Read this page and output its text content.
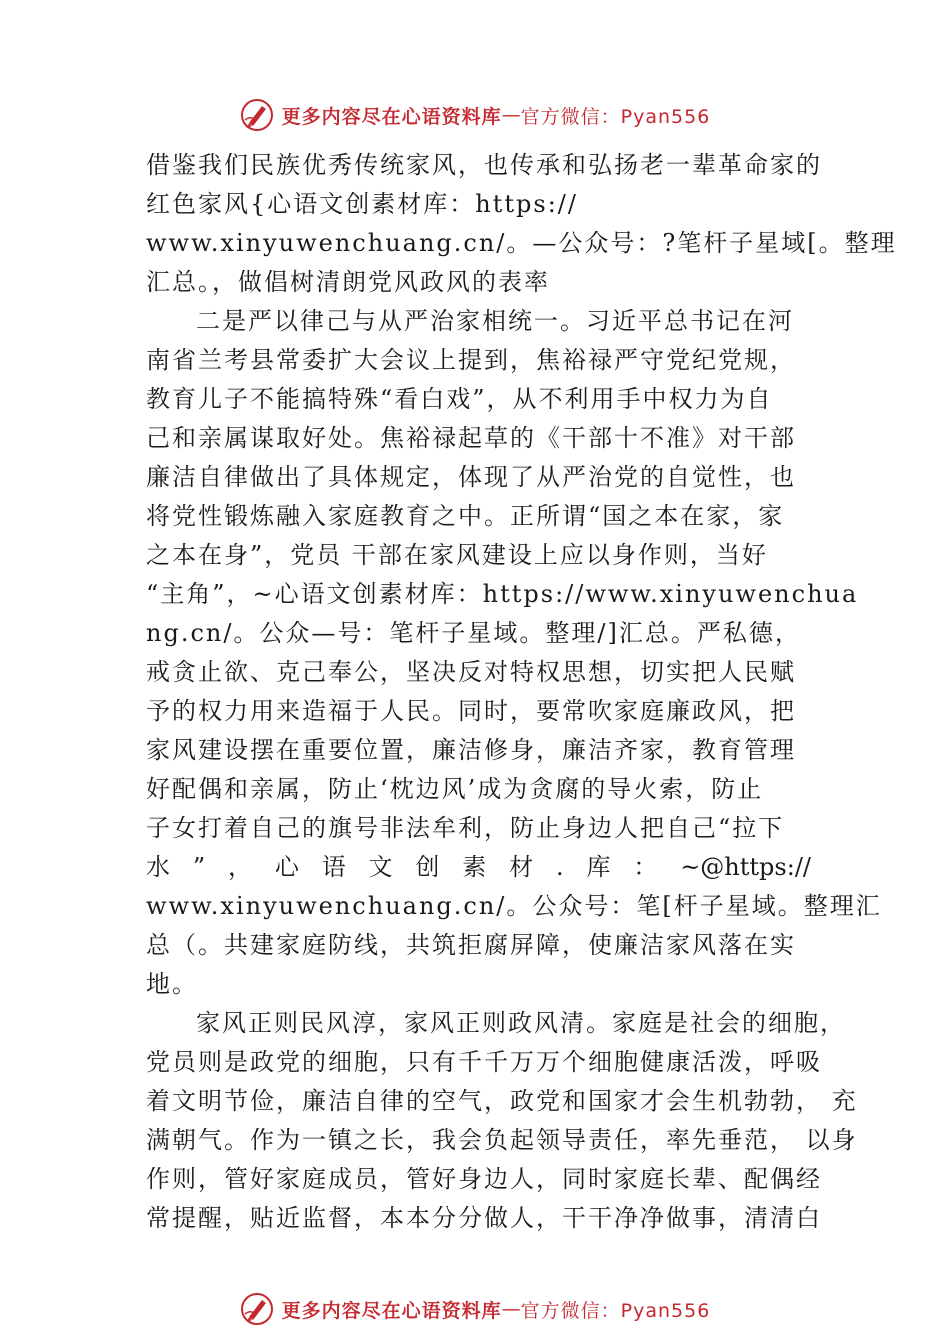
更多内容尽在心语资料库 — 官方微信：Pyan556
借鉴我们民族优秀传统家风，也传承和弘扬老一辈革命家的
红色家风{心语文创素材库：https://
www.xinyuwenchuang.cn/。—公众号：?笔杆子星域[。整理
汇总。，做倡树清朗党风政风的表率
二是严以律己与从严治家相统一。习近平总书记在河
南省兰考县常委扩大会议上提到，焦裕禄严守党纪党规，
教育儿子不能搞特殊“看白戏”，从不利用手中权力为自
己和亲属谋取好处。焦裕禄起草的《干部十不准》对干部
廉洁自律做出了具体规定，体现了从严治党的自觉性，也
将党性锻炼融入家庭教育之中。正所谓“国之本在家，家
之本在身”，党员 干部在家风建设上应以身作则，当好
“主角”，~心语文创素材库：https://www.xinyuwenchua
ng.cn/。公众—号：笔杆子星域。整理/]汇总。严私德，
戒贪止欲、克己奉公，坚决反对特权思想，切实把人民赋
予的权力用来造福于人民。同时，要常吹家庭廉政风，把
家风建设摆在重要位置，廉洁修身，廉洁齐家，教育管理
好配偶和亲属，防止‘枕边风’成为贪腐的导火索，防止
子女打着自己的旗号非法牟利，防止身边人把自己“拉下
水”，心语文创素材.库：~@https://
www.xinyuwenchuang.cn/。公众号：笔[杆子星域。整理汇
总（。共建家庭防线，共筑拒腐屏障，使廉洁家风落在实
地。
家风正则民风淳，家风正则政风清。家庭是社会的细胞，
党员则是政党的细胞，只有千千万万个细胞健康活泼，呼吸
着文明节俭，廉洁自律的空气，政党和国家才会生机勃勃， 充
满朝气。作为一镇之长，我会负起领导责任，率先垂范， 以身
作则，管好家庭成员，管好身边人，同时家庭长辈、配偶经
常提醒，贴近监督，本本分分做人，干干净净做事，清清白
更多内容尽在心语资料库 — 官方微信：Pyan556
